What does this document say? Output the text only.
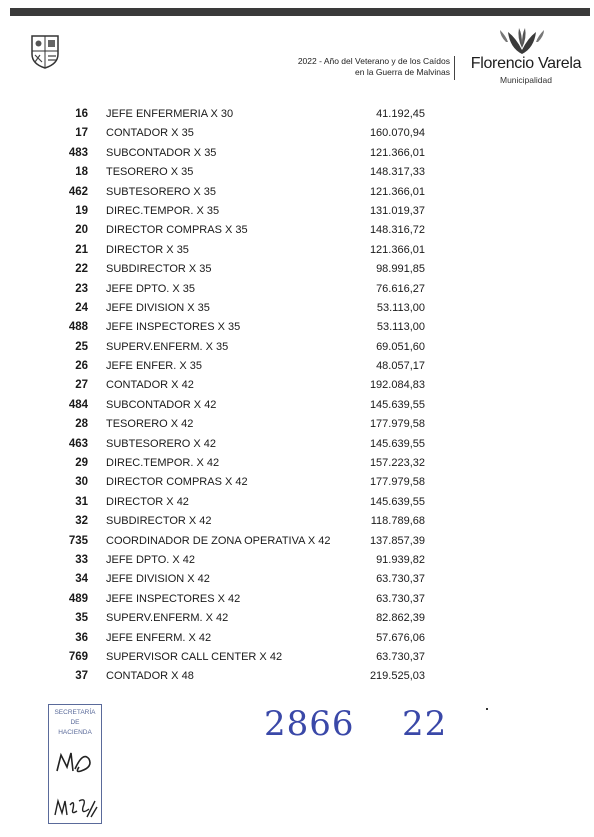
2022 - Año del Veterano y de los Caídos
en la Guerra de Malvinas Florencio Varela
Municipalidad
16 JEFE ENFERMERIA X 30	41.192,45
17 CONTADOR X 35	160.070,94
483 SUBCONTADOR X 35	121.366,01
18 TESORERO X 35	148.317,33
462 SUBTESORERO X 35	121.366,01
19 DIREC.TEMPOR. X 35	131.019,37
20 DIRECTOR COMPRAS X 35	148.316,72
21 DIRECTOR X 35	121.366,01
22 SUBDIRECTOR X 35	98.991,85
23 JEFE DPTO. X 35	76.616,27
24 JEFE DIVISION X 35	53.113,00
488 JEFE INSPECTORES X 35	53.113,00
25 SUPERV.ENFERM. X 35	69.051,60
26 JEFE ENFER. X 35	48.057,17
27 CONTADOR X 42	192.084,83
484 SUBCONTADOR X 42	145.639,55
28 TESORERO X 42	177.979,58
463 SUBTESORERO X 42	145.639,55
29 DIREC.TEMPOR. X 42	157.223,32
30 DIRECTOR COMPRAS X 42	177.979,58
31 DIRECTOR X 42	145.639,55
32 SUBDIRECTOR X 42	118.789,68
735 COORDINADOR DE ZONA OPERATIVA X 42	137.857,39
33 JEFE DPTO. X 42	91.939,82
34 JEFE DIVISION X 42	63.730,37
489 JEFE INSPECTORES X 42	63.730,37
35 SUPERV.ENFERM. X 42	82.862,39
36 JEFE ENFERM. X 42	57.676,06
769 SUPERVISOR CALL CENTER X 42	63.730,37
37 CONTADOR X 48	219.525,03
SECRETARÍA
DE
HACIENDA	2866 22
